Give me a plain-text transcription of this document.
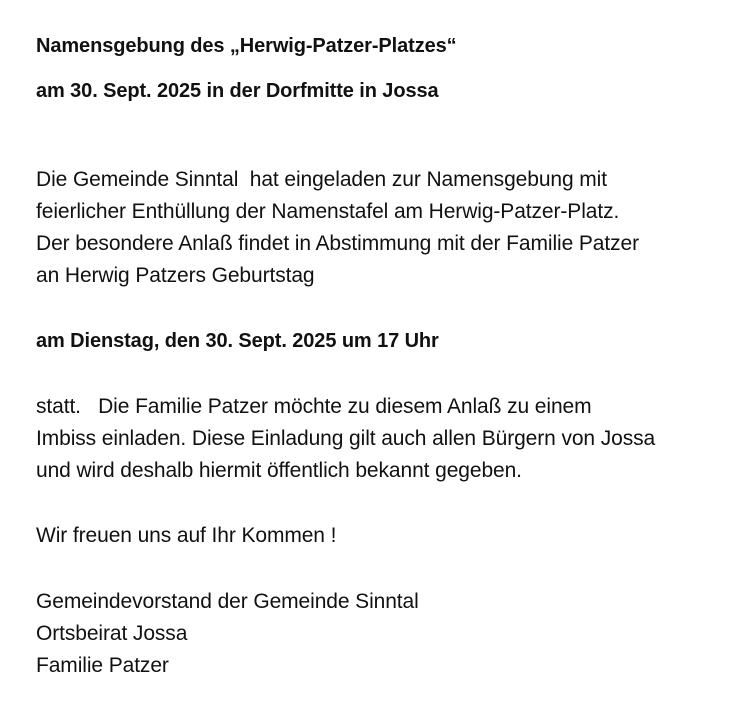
Namensgebung des „Herwig-Patzer-Platzes“
am 30. Sept. 2025 in der Dorfmitte in Jossa
Die Gemeinde Sinntal  hat eingeladen zur Namensgebung mit
feierlicher Enthüllung der Namenstafel am Herwig-Patzer-Platz.
Der besondere Anlaß findet in Abstimmung mit der Familie Patzer
an Herwig Patzers Geburtstag
am Dienstag, den 30. Sept. 2025 um 17 Uhr
statt.   Die Familie Patzer möchte zu diesem Anlaß zu einem
Imbiss einladen. Diese Einladung gilt auch allen Bürgern von Jossa
und wird deshalb hiermit öffentlich bekannt gegeben.
Wir freuen uns auf Ihr Kommen !
Gemeindevorstand der Gemeinde Sinntal
Ortsbeirat Jossa
Familie Patzer
